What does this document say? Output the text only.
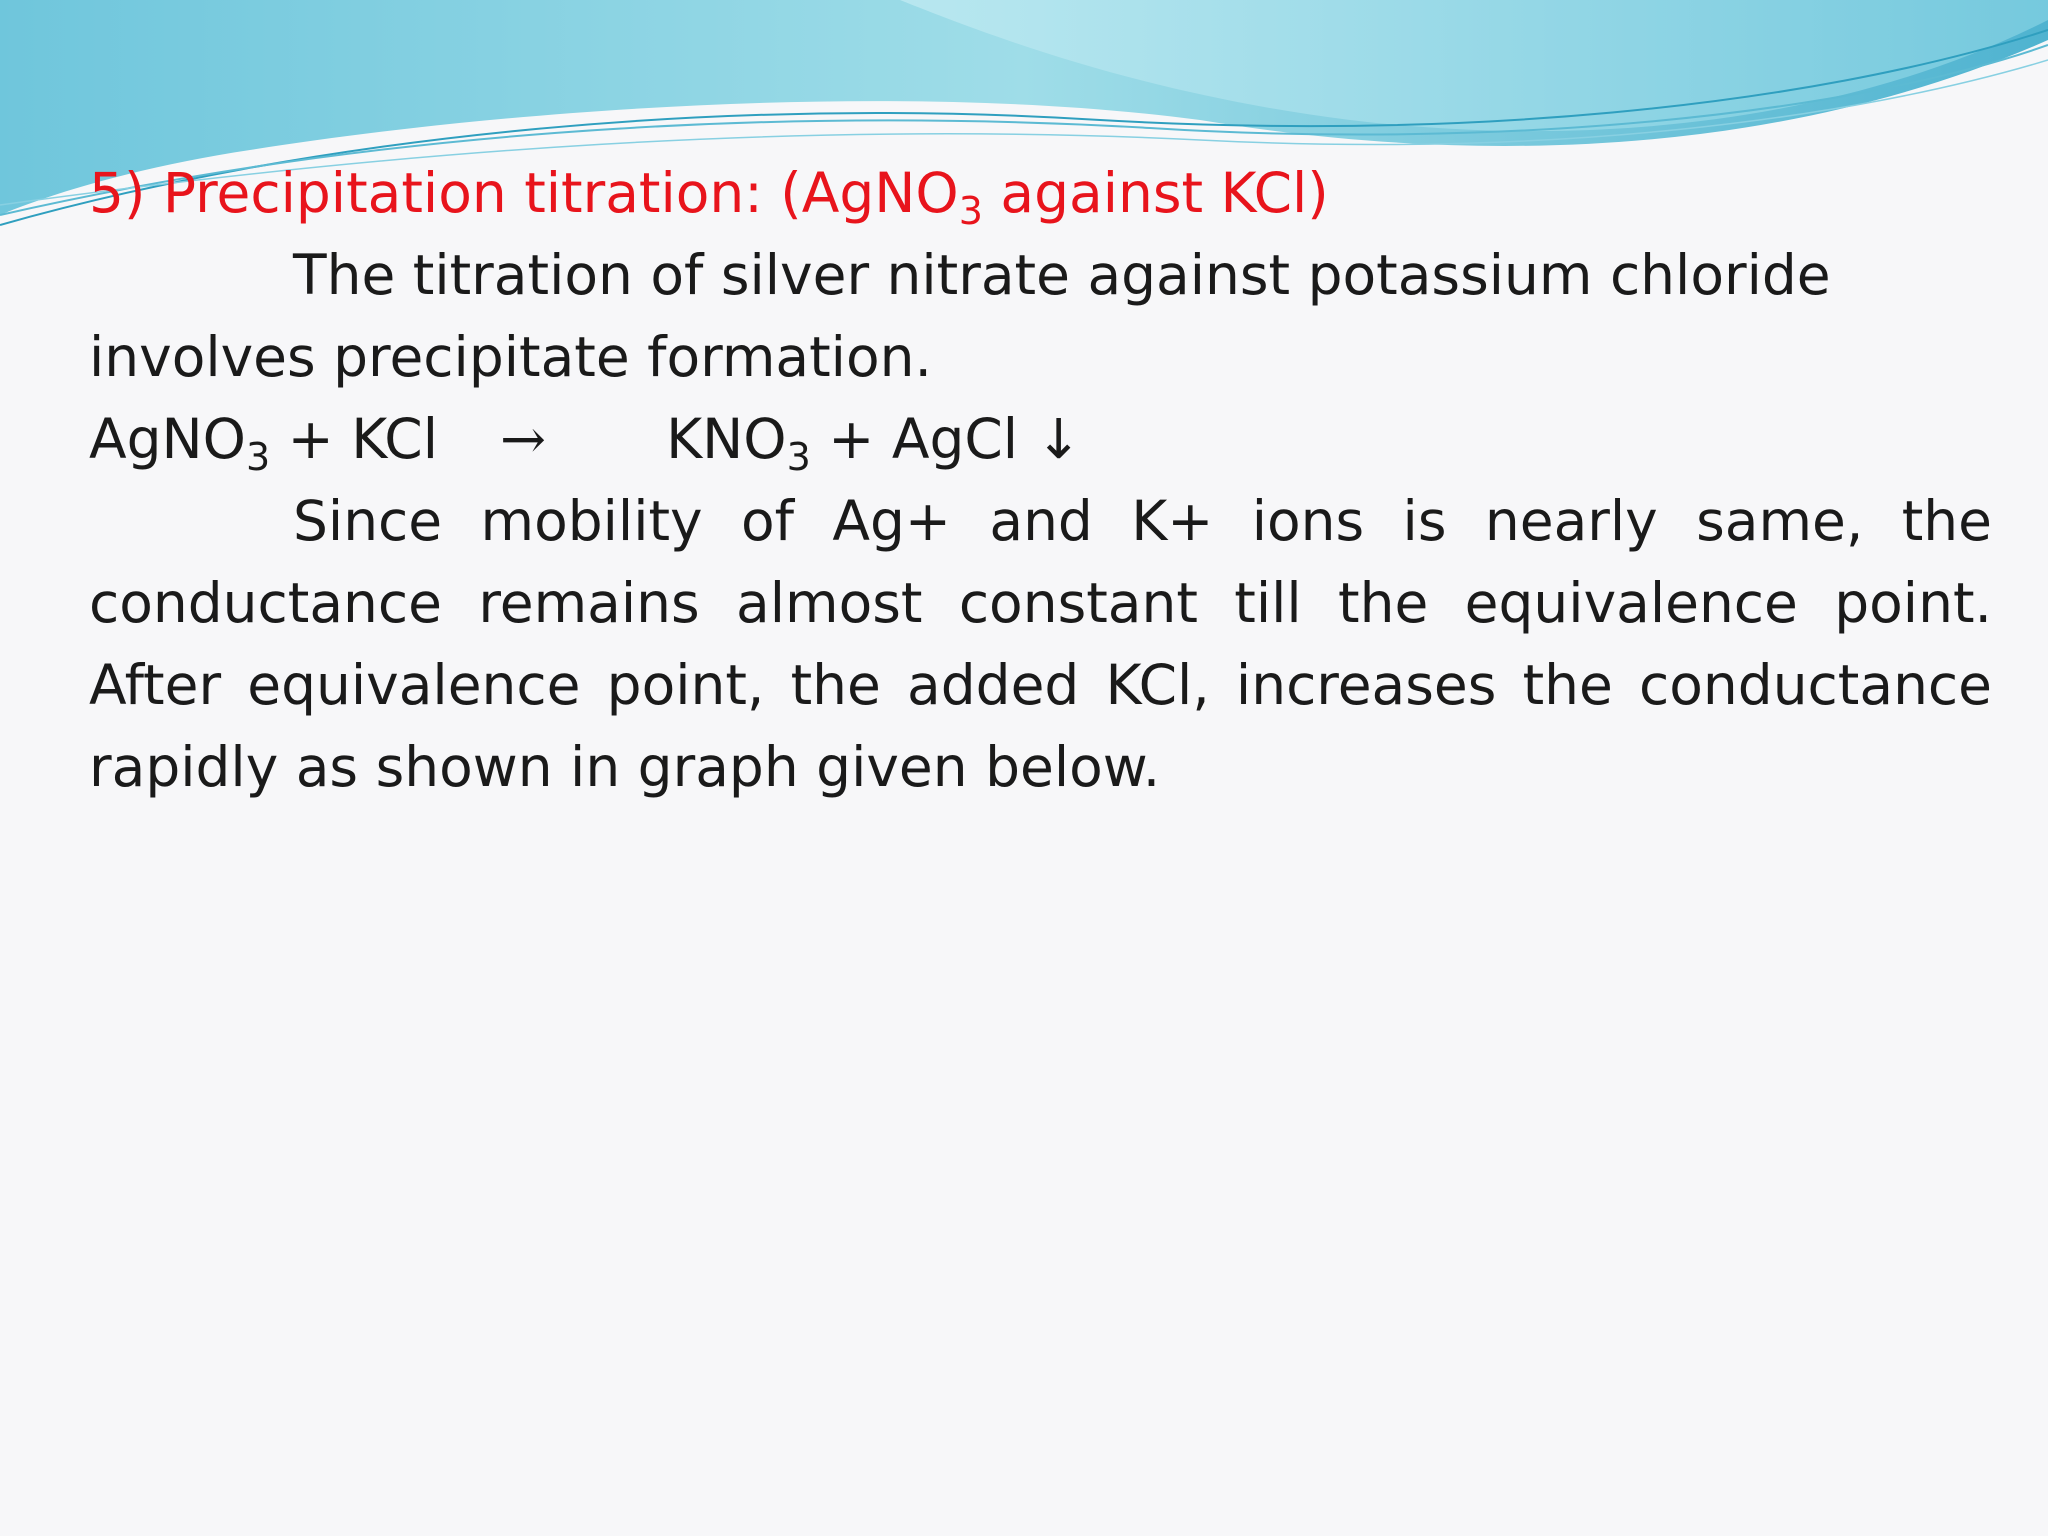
5) Precipitation titration: (AgNO$_3$ against KCl)
The titration of silver nitrate against potassium chloride

involves precipitate formation.
AgNO$_3$ + KCl → $KNO_3$ + AgCl ↓
Since mobility of Ag+ and K+ ions is nearly same, the conductance remains almost constant till the equivalence point. After equivalence point, the added KCl, increases the conductance rapidly as shown in graph given below.
